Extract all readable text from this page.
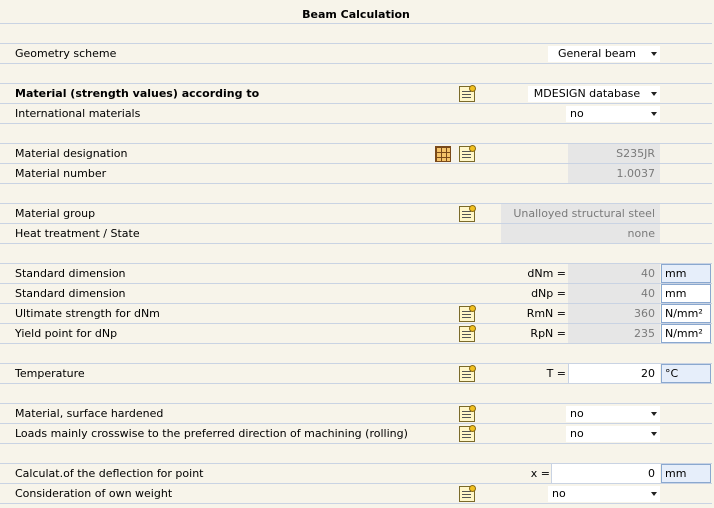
Beam Calculation
Geometry scheme	General beam
Material (strength values) according to	MDESIGN database
International materials	no
Material designation	S235JR
Material number	1.0037
Material group	Unalloyed structural steel
Heat treatment / State	none
Standard dimension	dNm =	40 mm
Standard dimension	dNp =	40 mm
Ultimate strength for dNm	RmN =	360 N/mm²
Yield point for dNp	RpN =	235 N/mm²
Temperature	T =	20 °C
Material, surface hardened	no
Loads mainly crosswise to the preferred direction of machining (rolling)	no
Calculat.of the deflection for point	x =	0 mm
Consideration of own weight	no
